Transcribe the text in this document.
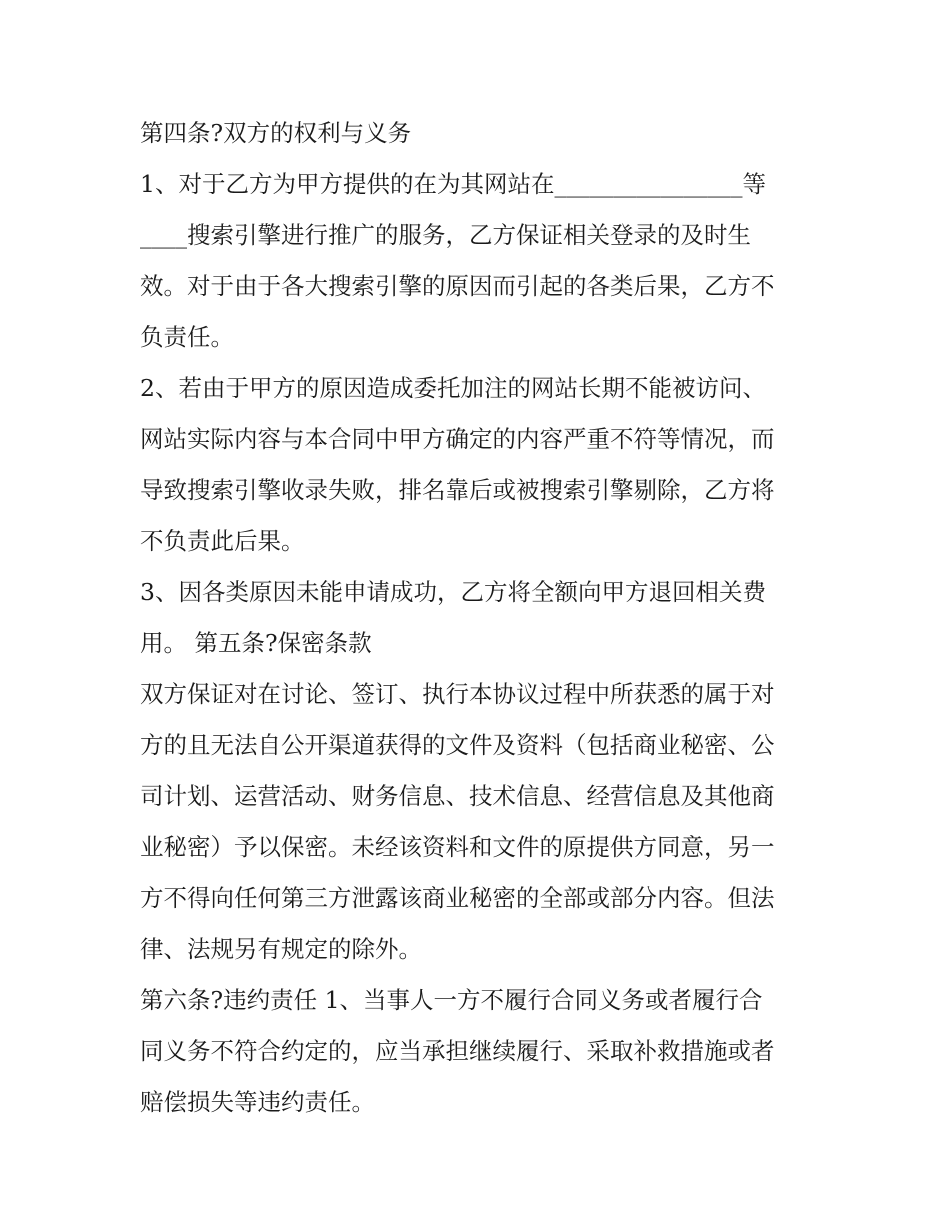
第四条?双方的权利与义务
1、对于乙方为甲方提供的在为其网站在________________等
____搜索引擎进行推广的服务，乙方保证相关登录的及时生
效。对于由于各大搜索引擎的原因而引起的各类后果，乙方不
负责任。
2、若由于甲方的原因造成委托加注的网站长期不能被访问、
网站实际内容与本合同中甲方确定的内容严重不符等情况，而
导致搜索引擎收录失败，排名靠后或被搜索引擎剔除，乙方将
不负责此后果。
3、因各类原因未能申请成功，乙方将全额向甲方退回相关费
用。 第五条?保密条款
双方保证对在讨论、签订、执行本协议过程中所获悉的属于对
方的且无法自公开渠道获得的文件及资料（包括商业秘密、公
司计划、运营活动、财务信息、技术信息、经营信息及其他商
业秘密）予以保密。未经该资料和文件的原提供方同意，另一
方不得向任何第三方泄露该商业秘密的全部或部分内容。但法
律、法规另有规定的除外。
第六条?违约责任 1、当事人一方不履行合同义务或者履行合
同义务不符合约定的，应当承担继续履行、采取补救措施或者
赔偿损失等违约责任。
